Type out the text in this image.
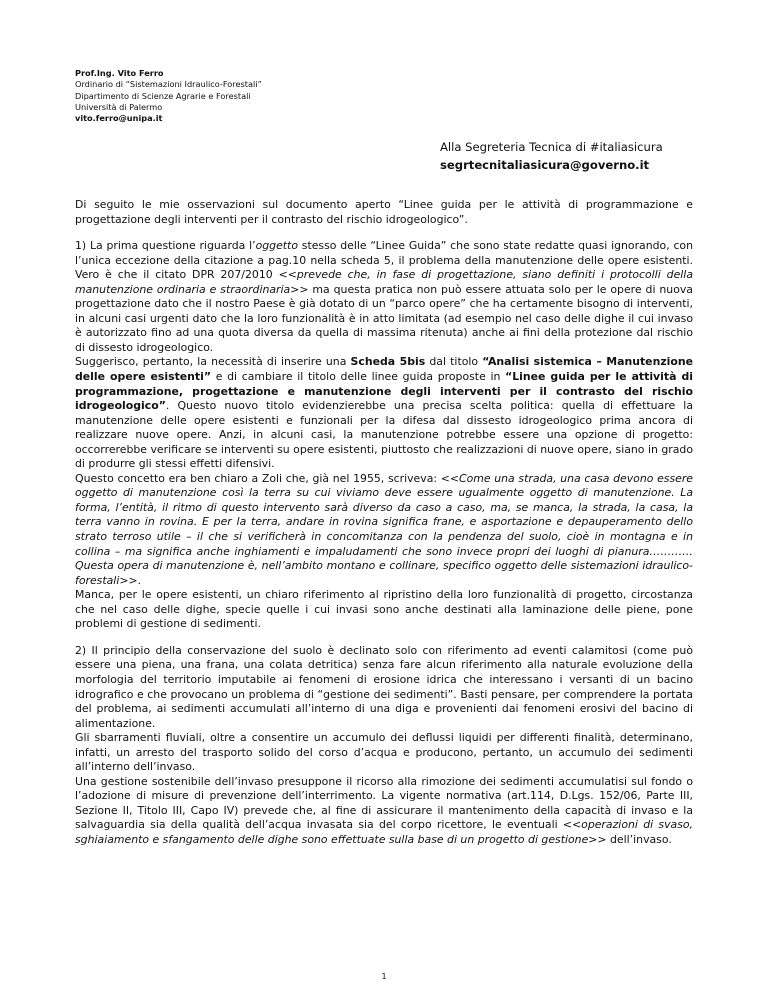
Prof.Ing. Vito Ferro
Ordinario di “Sistemazioni Idraulico-Forestali”
Dipartimento di Scienze Agrarie e Forestali
Università di Palermo
vito.ferro@unipa.it
Alla Segreteria Tecnica di #italiasicura
segrtecnitaliasicura@governo.it

Di seguito le mie osservazioni sul documento aperto “Linee guida per le attività di programmazione e progettazione degli interventi per il contrasto del rischio idrogeologico”.

1) La prima questione riguarda l’oggetto stesso delle “Linee Guida” che sono state redatte quasi ignorando, con l’unica eccezione della citazione a pag.10 nella scheda 5, il problema della manutenzione delle opere esistenti. Vero è che il citato DPR 207/2010 <<prevede che, in fase di progettazione, siano definiti i protocolli della manutenzione ordinaria e straordinaria>> ma questa pratica non può essere attuata solo per le opere di nuova progettazione dato che il nostro Paese è già dotato di un “parco opere” che ha certamente bisogno di interventi, in alcuni casi urgenti dato che la loro funzionalità è in atto limitata (ad esempio nel caso delle dighe il cui invaso è autorizzato fino ad una quota diversa da quella di massima ritenuta) anche ai fini della protezione dal rischio di dissesto idrogeologico.

Suggerisco, pertanto, la necessità di inserire una Scheda 5bis dal titolo “Analisi sistemica – Manutenzione delle opere esistenti” e di cambiare il titolo delle linee guida proposte in “Linee guida per le attività di programmazione, progettazione e manutenzione degli interventi per il contrasto del rischio idrogeologico”. Questo nuovo titolo evidenzierebbe una precisa scelta politica: quella di effettuare la manutenzione delle opere esistenti e funzionali per la difesa dal dissesto idrogeologico prima ancora di realizzare nuove opere. Anzi, in alcuni casi, la manutenzione potrebbe essere una opzione di progetto: occorrerebbe verificare se interventi su opere esistenti, piuttosto che realizzazioni di nuove opere, siano in grado di produrre gli stessi effetti difensivi.

Questo concetto era ben chiaro a Zoli che, già nel 1955, scriveva: <<Come una strada, una casa devono essere oggetto di manutenzione così la terra su cui viviamo deve essere ugualmente oggetto di manutenzione. La forma, l’entità, il ritmo di questo intervento sarà diverso da caso a caso, ma, se manca, la strada, la casa, la terra vanno in rovina. E per la terra, andare in rovina significa frane, e asportazione e depauperamento dello strato terroso utile – il che si verificherà in concomitanza con la pendenza del suolo, cioè in montagna e in collina – ma significa anche inghiamenti e impaludamenti che sono invece propri dei luoghi di pianura………… Questa opera di manutenzione è, nell’ambito montano e collinare, specifico oggetto delle sistemazioni idraulico-forestali>>.

Manca, per le opere esistenti, un chiaro riferimento al ripristino della loro funzionalità di progetto, circostanza che nel caso delle dighe, specie quelle i cui invasi sono anche destinati alla laminazione delle piene, pone problemi di gestione di sedimenti.

2) Il principio della conservazione del suolo è declinato solo con riferimento ad eventi calamitosi (come può essere una piena, una frana, una colata detritica) senza fare alcun riferimento alla naturale evoluzione della morfologia del territorio imputabile ai fenomeni di erosione idrica che interessano i versanti di un bacino idrografico e che provocano un problema di “gestione dei sedimenti”. Basti pensare, per comprendere la portata del problema, ai sedimenti accumulati all’interno di una diga e provenienti dai fenomeni erosivi del bacino di alimentazione.

Gli sbarramenti fluviali, oltre a consentire un accumulo dei deflussi liquidi per differenti finalità, determinano, infatti, un arresto del trasporto solido del corso d’acqua e producono, pertanto, un accumulo dei sedimenti all’interno dell’invaso.

Una gestione sostenibile dell’invaso presuppone il ricorso alla rimozione dei sedimenti accumulatisi sul fondo o l’adozione di misure di prevenzione dell’interrimento. La vigente normativa (art.114, D.Lgs. 152/06, Parte III, Sezione II, Titolo III, Capo IV) prevede che, al fine di assicurare il mantenimento della capacità di invaso e la salvaguardia sia della qualità dell’acqua invasata sia del corpo ricettore, le eventuali <<operazioni di svaso, sghiaiamento e sfangamento delle dighe sono effettuate sulla base di un progetto di gestione>> dell’invaso.

1
